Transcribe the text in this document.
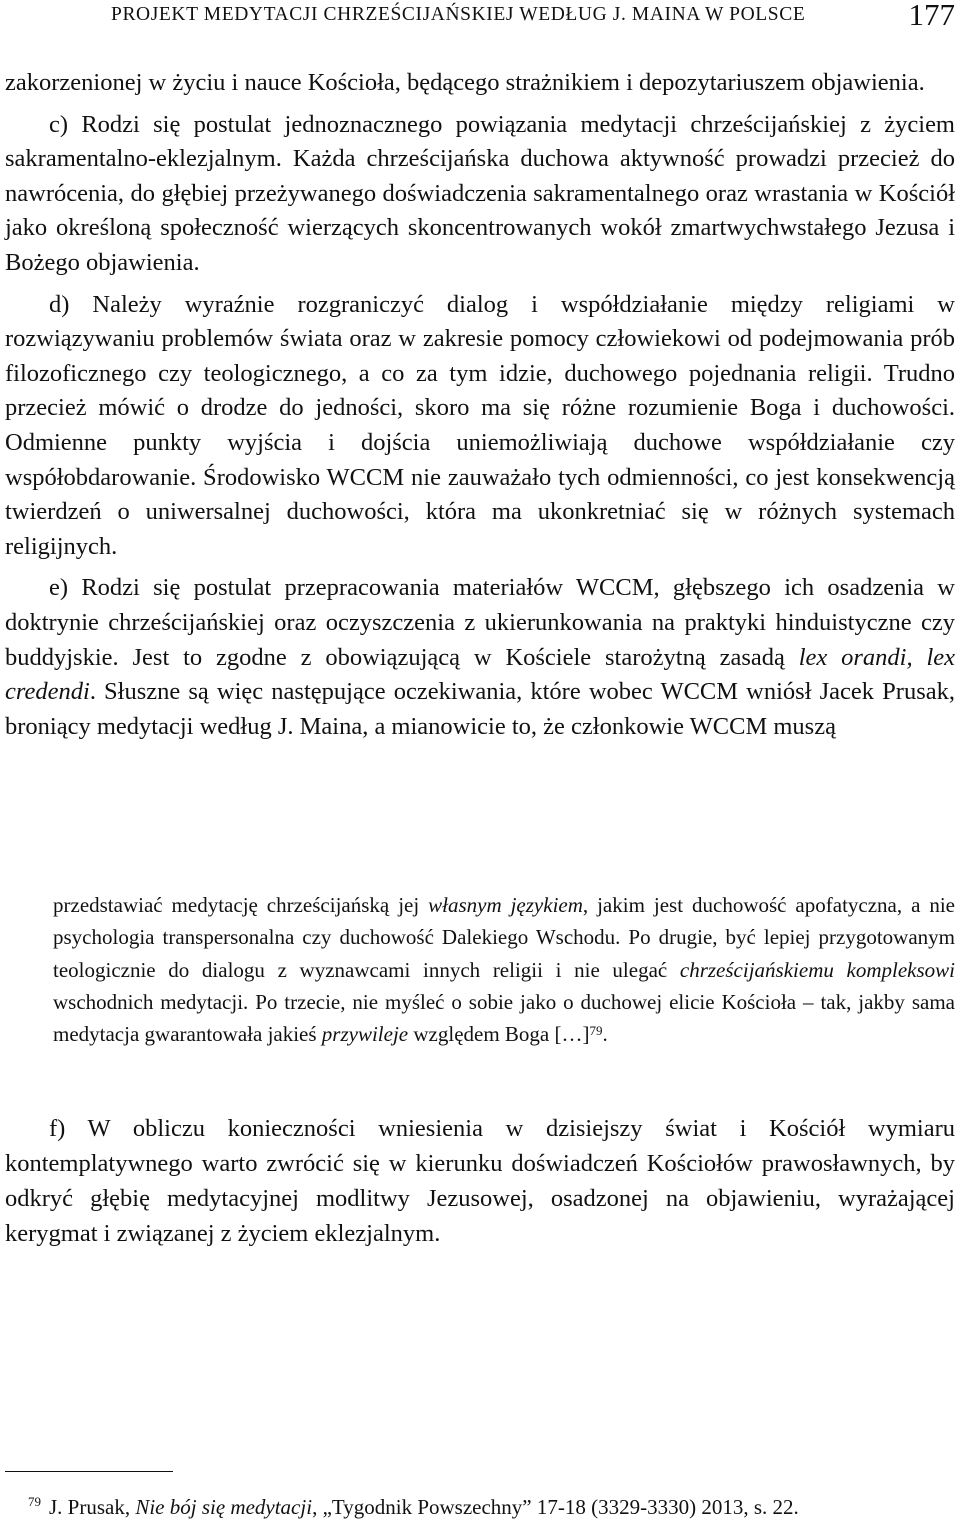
PROJEKT MEDYTACJI CHRZEŚCIJAŃSKIEJ WEDŁUG J. MAINA W POLSCE	177

zakorzenionej w życiu i nauce Kościoła, będącego strażnikiem i depozytariuszem objawienia.

c) Rodzi się postulat jednoznacznego powiązania medytacji chrześcijańskiej z życiem sakramentalno-eklezjalnym. Każda chrześcijańska duchowa aktywność prowadzi przecież do nawrócenia, do głębiej przeżywanego doświadczenia sakramentalnego oraz wrastania w Kościół jako określoną społeczność wierzących skoncentrowanych wokół zmartwychwstałego Jezusa i Bożego objawienia.

d) Należy wyraźnie rozgraniczyć dialog i współdziałanie między religiami w rozwiązywaniu problemów świata oraz w zakresie pomocy człowiekowi od podejmowania prób filozoficznego czy teologicznego, a co za tym idzie, duchowego pojednania religii. Trudno przecież mówić o drodze do jedności, skoro ma się różne rozumienie Boga i duchowości. Odmienne punkty wyjścia i dojścia uniemożliwiają duchowe współdziałanie czy współobdarowanie. Środowisko WCCM nie zauważało tych odmienności, co jest konsekwencją twierdzeń o uniwersalnej duchowości, która ma ukonkretniać się w różnych systemach religijnych.

e) Rodzi się postulat przepracowania materiałów WCCM, głębszego ich osadzenia w doktrynie chrześcijańskiej oraz oczyszczenia z ukierunkowania na praktyki hinduistyczne czy buddyjskie. Jest to zgodne z obowiązującą w Kościele starożytną zasadą lex orandi, lex credendi. Słuszne są więc następujące oczekiwania, które wobec WCCM wniósł Jacek Prusak, broniący medytacji według J. Maina, a mianowicie to, że członkowie WCCM muszą

przedstawiać medytację chrześcijańską jej własnym językiem, jakim jest duchowość apofatyczna, a nie psychologia transpersonalna czy duchowość Dalekiego Wschodu. Po drugie, być lepiej przygotowanym teologicznie do dialogu z wyznawcami innych religii i nie ulegać chrześcijańskiemu kompleksowi wschodnich medytacji. Po trzecie, nie myśleć o sobie jako o duchowej elicie Kościoła – tak, jakby sama medytacja gwarantowała jakieś przywileje względem Boga […]$^{79}$.

f) W obliczu konieczności wniesienia w dzisiejszy świat i Kościół wymiaru kontemplatywnego warto zwrócić się w kierunku doświadczeń Kościołów prawosławnych, by odkryć głębię medytacyjnej modlitwy Jezusowej, osadzonej na objawieniu, wyrażającej kerygmat i związanej z życiem eklezjalnym.

79 J. Prusak, Nie bój się medytacji, „Tygodnik Powszechny” 17-18 (3329-3330) 2013, s. 22.
